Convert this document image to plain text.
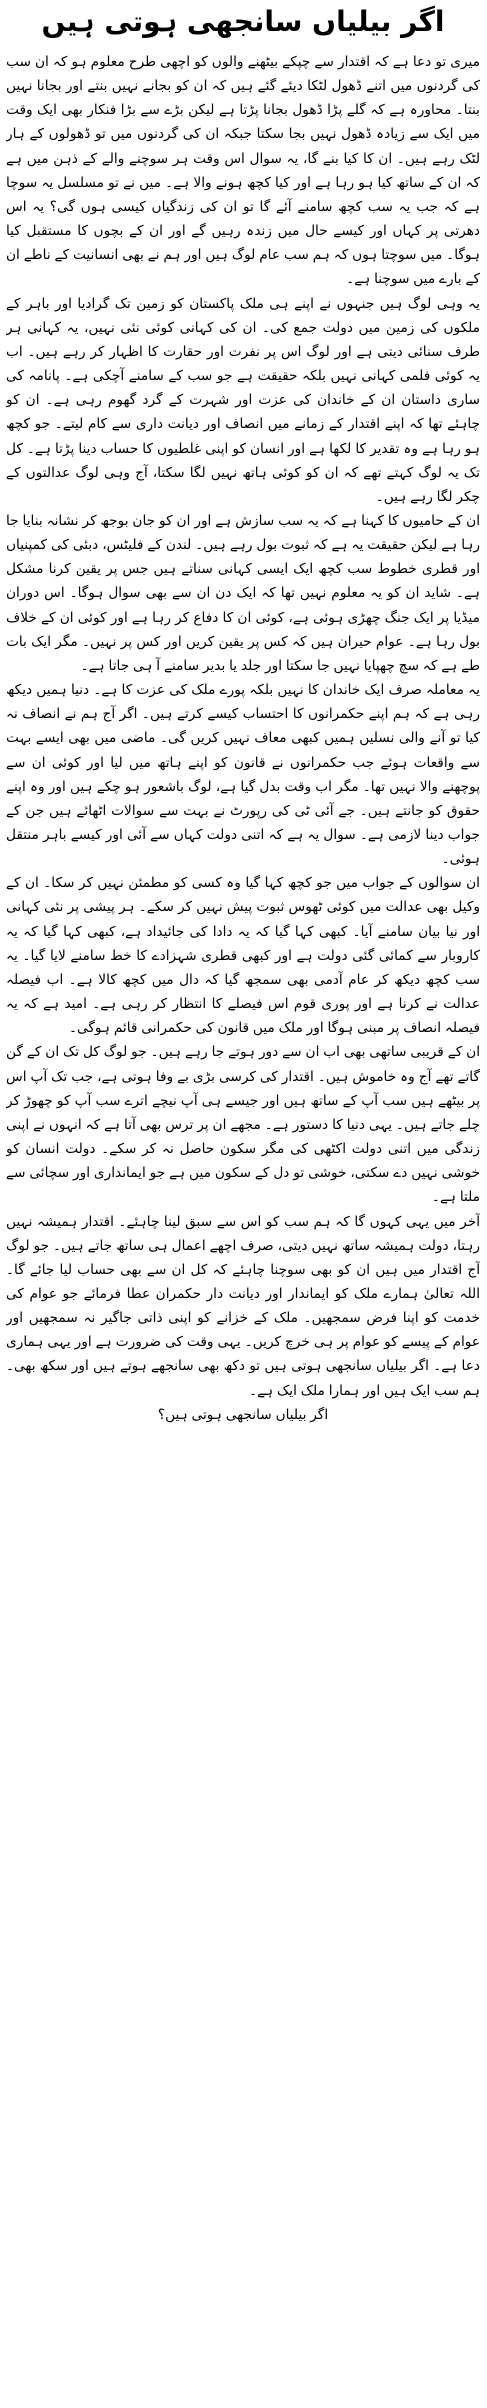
اگر بیلیاں سانجھی ہوتی ہیں

میری تو دعا ہے کہ اقتدار سے چپکے بیٹھنے والوں کو اچھی طرح معلوم ہو کہ ان سب کی گردنوں میں اتنے ڈھول لٹکا دیئے گئے ہیں کہ ان کو بجانے نہیں بنتے اور بجانا نہیں بنتا۔ محاورہ ہے کہ گلے پڑا ڈھول بجانا پڑتا ہے لیکن بڑے سے بڑا فنکار بھی ایک وقت میں ایک سے زیادہ ڈھول نہیں بجا سکتا جبکہ ان کی گردنوں میں تو ڈھولوں کے ہار لٹک رہے ہیں۔ ان کا کیا بنے گا، یہ سوال اس وقت ہر سوچنے والے کے ذہن میں ہے کہ ان کے ساتھ کیا ہو رہا ہے اور کیا کچھ ہونے والا ہے۔ میں نے تو مسلسل یہ سوچا ہے کہ جب یہ سب کچھ سامنے آئے گا تو ان کی زندگیاں کیسی ہوں گی؟ یہ اس دھرتی پر کہاں اور کیسے حال میں زندہ رہیں گے اور ان کے بچوں کا مستقبل کیا ہوگا۔ میں سوچتا ہوں کہ ہم سب عام لوگ ہیں اور ہم نے بھی انسانیت کے ناطے ان کے بارے میں سوچنا ہے۔

یہ وہی لوگ ہیں جنہوں نے اپنے ہی ملک پاکستان کو زمین تک گرادیا اور باہر کے ملکوں کی زمین میں دولت جمع کی۔ ان کی کہانی کوئی نئی نہیں، یہ کہانی ہر طرف سنائی دیتی ہے اور لوگ اس پر نفرت اور حقارت کا اظہار کر رہے ہیں۔ اب یہ کوئی فلمی کہانی نہیں بلکہ حقیقت ہے جو سب کے سامنے آچکی ہے۔ پانامہ کی ساری داستان ان کے خاندان کی عزت اور شہرت کے گرد گھوم رہی ہے۔ ان کو چاہئے تھا کہ اپنے اقتدار کے زمانے میں انصاف اور دیانت داری سے کام لیتے۔ جو کچھ ہو رہا ہے وہ تقدیر کا لکھا ہے اور انسان کو اپنی غلطیوں کا حساب دینا پڑتا ہے۔ کل تک یہ لوگ کہتے تھے کہ ان کو کوئی ہاتھ نہیں لگا سکتا، آج وہی لوگ عدالتوں کے چکر لگا رہے ہیں۔

ان کے حامیوں کا کہنا ہے کہ یہ سب سازش ہے اور ان کو جان بوجھ کر نشانہ بنایا جا رہا ہے لیکن حقیقت یہ ہے کہ ثبوت بول رہے ہیں۔ لندن کے فلیٹس، دبئی کی کمپنیاں اور قطری خطوط سب کچھ ایک ایسی کہانی سناتے ہیں جس پر یقین کرنا مشکل ہے۔ شاید ان کو یہ معلوم نہیں تھا کہ ایک دن ان سے بھی سوال ہوگا۔ اس دوران میڈیا پر ایک جنگ چھڑی ہوئی ہے، کوئی ان کا دفاع کر رہا ہے اور کوئی ان کے خلاف بول رہا ہے۔ عوام حیران ہیں کہ کس پر یقین کریں اور کس پر نہیں۔ مگر ایک بات طے ہے کہ سچ چھپایا نہیں جا سکتا اور جلد یا بدیر سامنے آ ہی جاتا ہے۔

یہ معاملہ صرف ایک خاندان کا نہیں بلکہ پورے ملک کی عزت کا ہے۔ دنیا ہمیں دیکھ رہی ہے کہ ہم اپنے حکمرانوں کا احتساب کیسے کرتے ہیں۔ اگر آج ہم نے انصاف نہ کیا تو آنے والی نسلیں ہمیں کبھی معاف نہیں کریں گی۔ ماضی میں بھی ایسے بہت سے واقعات ہوئے جب حکمرانوں نے قانون کو اپنے ہاتھ میں لیا اور کوئی ان سے پوچھنے والا نہیں تھا۔ مگر اب وقت بدل گیا ہے، لوگ باشعور ہو چکے ہیں اور وہ اپنے حقوق کو جانتے ہیں۔ جے آئی ٹی کی رپورٹ نے بہت سے سوالات اٹھائے ہیں جن کے جواب دینا لازمی ہے۔ سوال یہ ہے کہ اتنی دولت کہاں سے آئی اور کیسے باہر منتقل ہوئی۔

ان سوالوں کے جواب میں جو کچھ کہا گیا وہ کسی کو مطمئن نہیں کر سکا۔ ان کے وکیل بھی عدالت میں کوئی ٹھوس ثبوت پیش نہیں کر سکے۔ ہر پیشی پر نئی کہانی اور نیا بیان سامنے آیا۔ کبھی کہا گیا کہ یہ دادا کی جائیداد ہے، کبھی کہا گیا کہ یہ کاروبار سے کمائی گئی دولت ہے اور کبھی قطری شہزادے کا خط سامنے لایا گیا۔ یہ سب کچھ دیکھ کر عام آدمی بھی سمجھ گیا کہ دال میں کچھ کالا ہے۔ اب فیصلہ عدالت نے کرنا ہے اور پوری قوم اس فیصلے کا انتظار کر رہی ہے۔ امید ہے کہ یہ فیصلہ انصاف پر مبنی ہوگا اور ملک میں قانون کی حکمرانی قائم ہوگی۔

ان کے قریبی ساتھی بھی اب ان سے دور ہوتے جا رہے ہیں۔ جو لوگ کل تک ان کے گن گاتے تھے آج وہ خاموش ہیں۔ اقتدار کی کرسی بڑی بے وفا ہوتی ہے، جب تک آپ اس پر بیٹھے ہیں سب آپ کے ساتھ ہیں اور جیسے ہی آپ نیچے اترے سب آپ کو چھوڑ کر چلے جاتے ہیں۔ یہی دنیا کا دستور ہے۔ مجھے ان پر ترس بھی آتا ہے کہ انہوں نے اپنی زندگی میں اتنی دولت اکٹھی کی مگر سکون حاصل نہ کر سکے۔ دولت انسان کو خوشی نہیں دے سکتی، خوشی تو دل کے سکون میں ہے جو ایمانداری اور سچائی سے ملتا ہے۔

آخر میں یہی کہوں گا کہ ہم سب کو اس سے سبق لینا چاہئے۔ اقتدار ہمیشہ نہیں رہتا، دولت ہمیشہ ساتھ نہیں دیتی، صرف اچھے اعمال ہی ساتھ جاتے ہیں۔ جو لوگ آج اقتدار میں ہیں ان کو بھی سوچنا چاہئے کہ کل ان سے بھی حساب لیا جائے گا۔ اللہ تعالیٰ ہمارے ملک کو ایماندار اور دیانت دار حکمران عطا فرمائے جو عوام کی خدمت کو اپنا فرض سمجھیں۔ ملک کے خزانے کو اپنی ذاتی جاگیر نہ سمجھیں اور عوام کے پیسے کو عوام پر ہی خرچ کریں۔ یہی وقت کی ضرورت ہے اور یہی ہماری دعا ہے۔ اگر بیلیاں سانجھی ہوتی ہیں تو دکھ بھی سانجھے ہوتے ہیں اور سکھ بھی۔ ہم سب ایک ہیں اور ہمارا ملک ایک ہے۔

اگر بیلیاں سانجھی ہوتی ہیں؟
